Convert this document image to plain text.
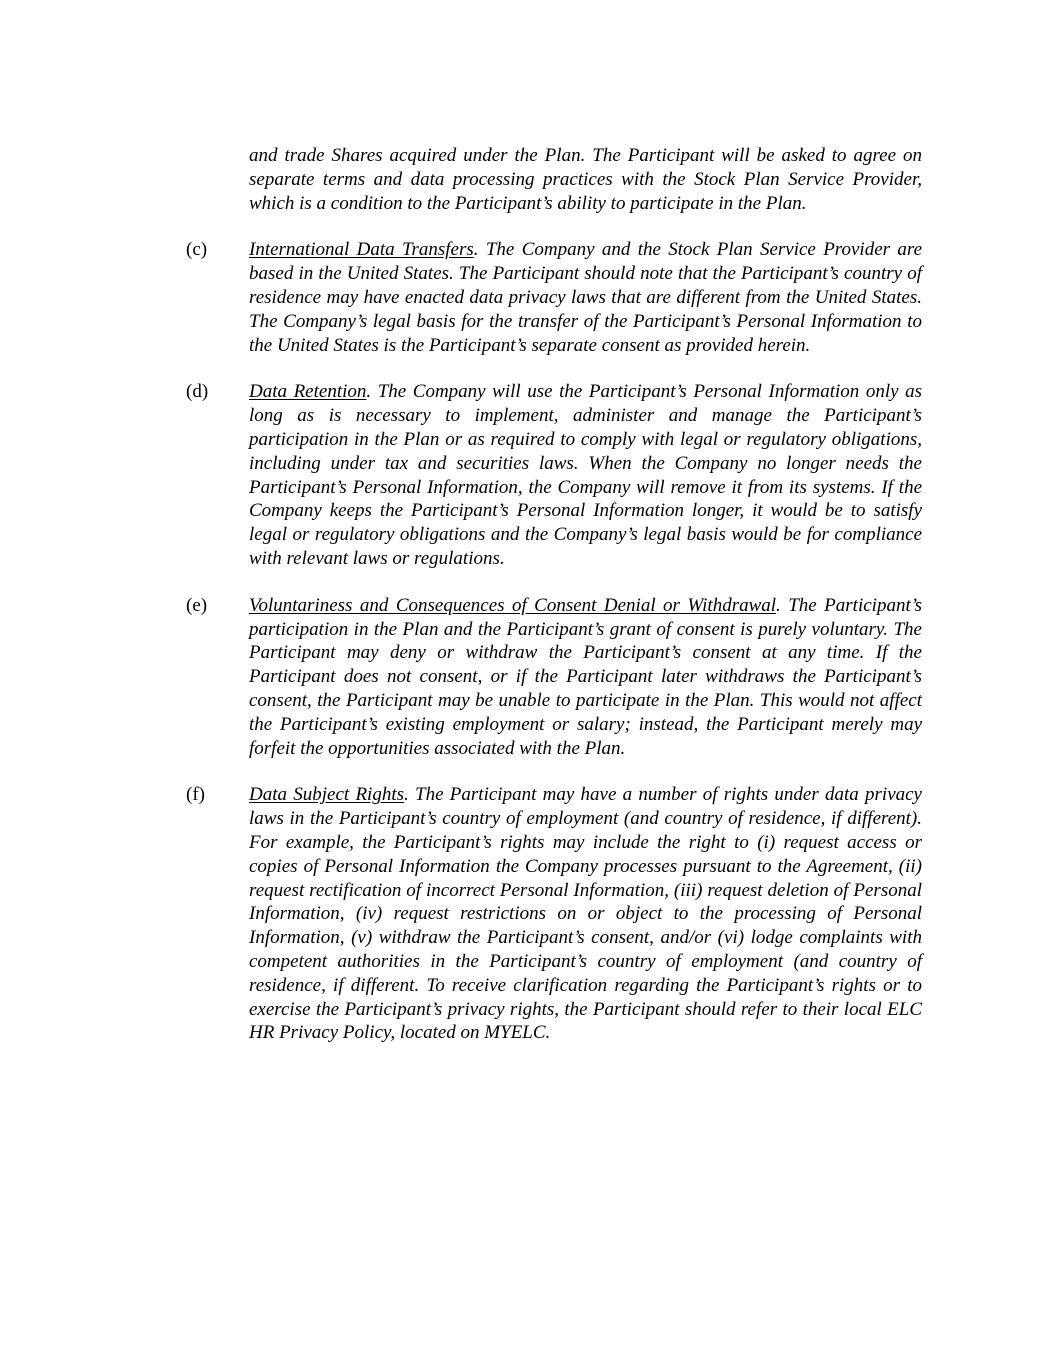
and trade Shares acquired under the Plan. The Participant will be asked to agree on separate terms and data processing practices with the Stock Plan Service Provider, which is a condition to the Participant’s ability to participate in the Plan.

(c)	International Data Transfers. The Company and the Stock Plan Service Provider are based in the United States. The Participant should note that the Participant’s country of residence may have enacted data privacy laws that are different from the United States. The Company’s legal basis for the transfer of the Participant’s Personal Information to the United States is the Participant’s separate consent as provided herein.

(d)	Data Retention. The Company will use the Participant’s Personal Information only as long as is necessary to implement, administer and manage the Participant’s participation in the Plan or as required to comply with legal or regulatory obligations, including under tax and securities laws. When the Company no longer needs the Participant’s Personal Information, the Company will remove it from its systems. If the Company keeps the Participant’s Personal Information longer, it would be to satisfy legal or regulatory obligations and the Company’s legal basis would be for compliance with relevant laws or regulations.

(e)	Voluntariness and Consequences of Consent Denial or Withdrawal. The Participant’s participation in the Plan and the Participant’s grant of consent is purely voluntary. The Participant may deny or withdraw the Participant’s consent at any time. If the Participant does not consent, or if the Participant later withdraws the Participant’s consent, the Participant may be unable to participate in the Plan. This would not affect the Participant’s existing employment or salary; instead, the Participant merely may forfeit the opportunities associated with the Plan.

(f)	Data Subject Rights. The Participant may have a number of rights under data privacy laws in the Participant’s country of employment (and country of residence, if different). For example, the Participant’s rights may include the right to (i) request access or copies of Personal Information the Company processes pursuant to the Agreement, (ii) request rectification of incorrect Personal Information, (iii) request deletion of Personal Information, (iv) request restrictions on or object to the processing of Personal Information, (v) withdraw the Participant’s consent, and/or (vi) lodge complaints with competent authorities in the Participant’s country of employment (and country of residence, if different. To receive clarification regarding the Participant’s rights or to exercise the Participant’s privacy rights, the Participant should refer to their local ELC HR Privacy Policy, located on MYELC.
